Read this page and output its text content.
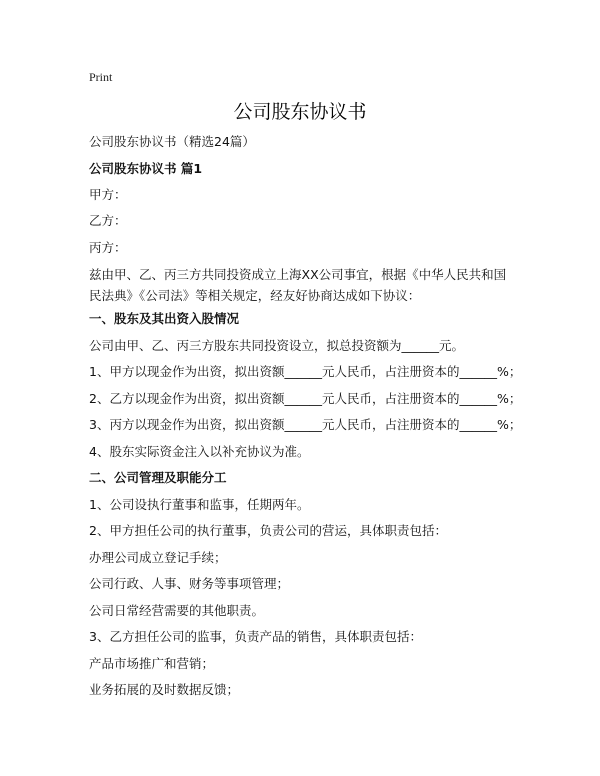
Print
公司股东协议书
公司股东协议书（精选24篇）
公司股东协议书 篇1
甲方：
乙方：
丙方：
兹由甲、乙、丙三方共同投资成立上海XX公司事宜，根据《中华人民共和国民法典》《公司法》等相关规定，经友好协商达成如下协议：
一、股东及其出资入股情况
公司由甲、乙、丙三方股东共同投资设立，拟总投资额为______元。
1、甲方以现金作为出资，拟出资额______元人民币，占注册资本的______%；
2、乙方以现金作为出资，拟出资额______元人民币，占注册资本的______%；
3、丙方以现金作为出资，拟出资额______元人民币，占注册资本的______%；
4、股东实际资金注入以补充协议为准。
二、公司管理及职能分工
1、公司设执行董事和监事，任期两年。
2、甲方担任公司的执行董事，负责公司的营运，具体职责包括：
办理公司成立登记手续；
公司行政、人事、财务等事项管理；
公司日常经营需要的其他职责。
3、乙方担任公司的监事，负责产品的销售，具体职责包括：
产品市场推广和营销；
业务拓展的及时数据反馈；
